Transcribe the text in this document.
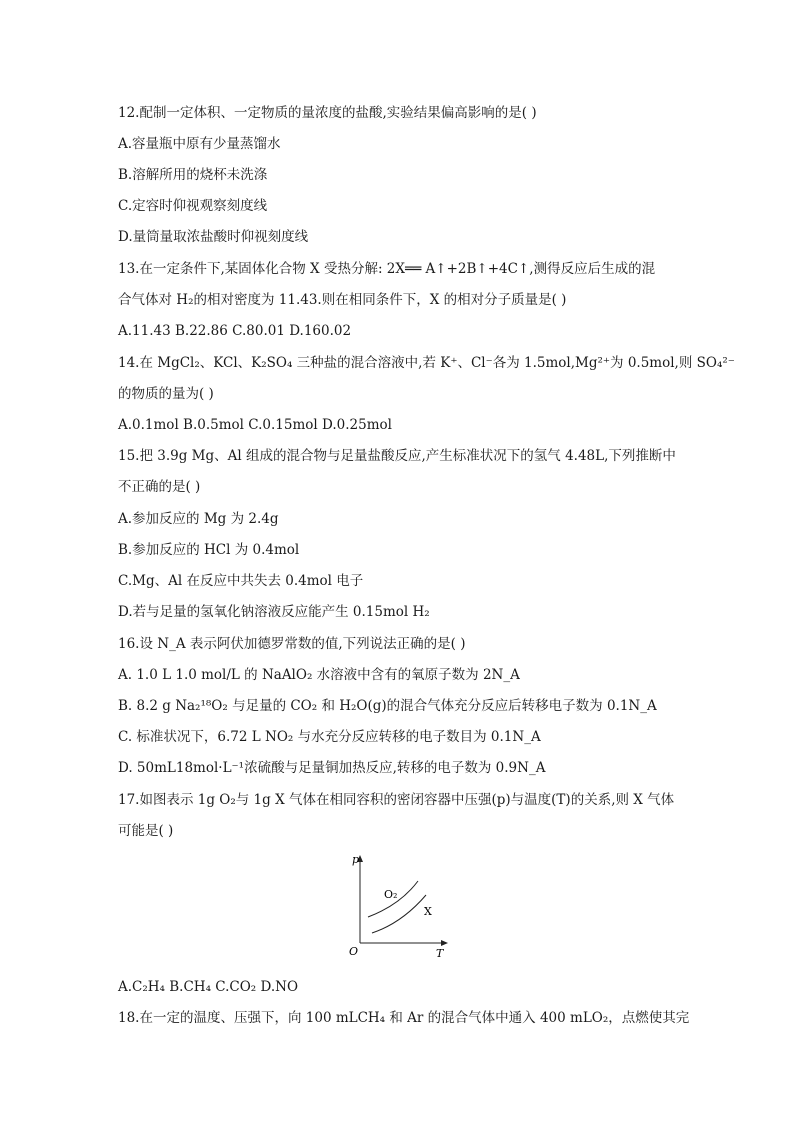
12.配制一定体积、一定物质的量浓度的盐酸,实验结果偏高影响的是( )
A.容量瓶中原有少量蒸馏水
B.溶解所用的烧杯未洗涤
C.定容时仰视观察刻度线
D.量筒量取浓盐酸时仰视刻度线
13.在一定条件下,某固体化合物 X 受热分解: 2X══ A↑+2B↑+4C↑,测得反应后生成的混
合气体对 H₂的相对密度为 11.43.则在相同条件下，X 的相对分子质量是( )
A.11.43 B.22.86 C.80.01 D.160.02
14.在 MgCl₂、KCl、K₂SO₄ 三种盐的混合溶液中,若 K⁺、Cl⁻各为 1.5mol,Mg²⁺为 0.5mol,则 SO₄²⁻
的物质的量为( )
A.0.1mol B.0.5mol C.0.15mol D.0.25mol
15.把 3.9g Mg、Al 组成的混合物与足量盐酸反应,产生标准状况下的氢气 4.48L,下列推断中
不正确的是( )
A.参加反应的 Mg 为 2.4g
B.参加反应的 HCl 为 0.4mol
C.Mg、Al 在反应中共失去 0.4mol 电子
D.若与足量的氢氧化钠溶液反应能产生 0.15mol H₂
16.设 N_A 表示阿伏加德罗常数的值,下列说法正确的是( )
A. 1.0 L 1.0 mol/L 的 NaAlO₂ 水溶液中含有的氧原子数为 2N_A
B. 8.2 g Na₂¹⁸O₂ 与足量的 CO₂ 和 H₂O(g)的混合气体充分反应后转移电子数为 0.1N_A
C. 标准状况下，6.72 L NO₂ 与水充分反应转移的电子数目为 0.1N_A
D. 50mL18mol·L⁻¹浓硫酸与足量铜加热反应,转移的电子数为 0.9N_A
17.如图表示 1g O₂与 1g X 气体在相同容积的密闭容器中压强(p)与温度(T)的关系,则 X 气体
可能是( )
p
T
O
O₂
X
A.C₂H₄ B.CH₄ C.CO₂ D.NO
18.在一定的温度、压强下，向 100 mLCH₄ 和 Ar 的混合气体中通入 400 mLO₂，点燃使其完
